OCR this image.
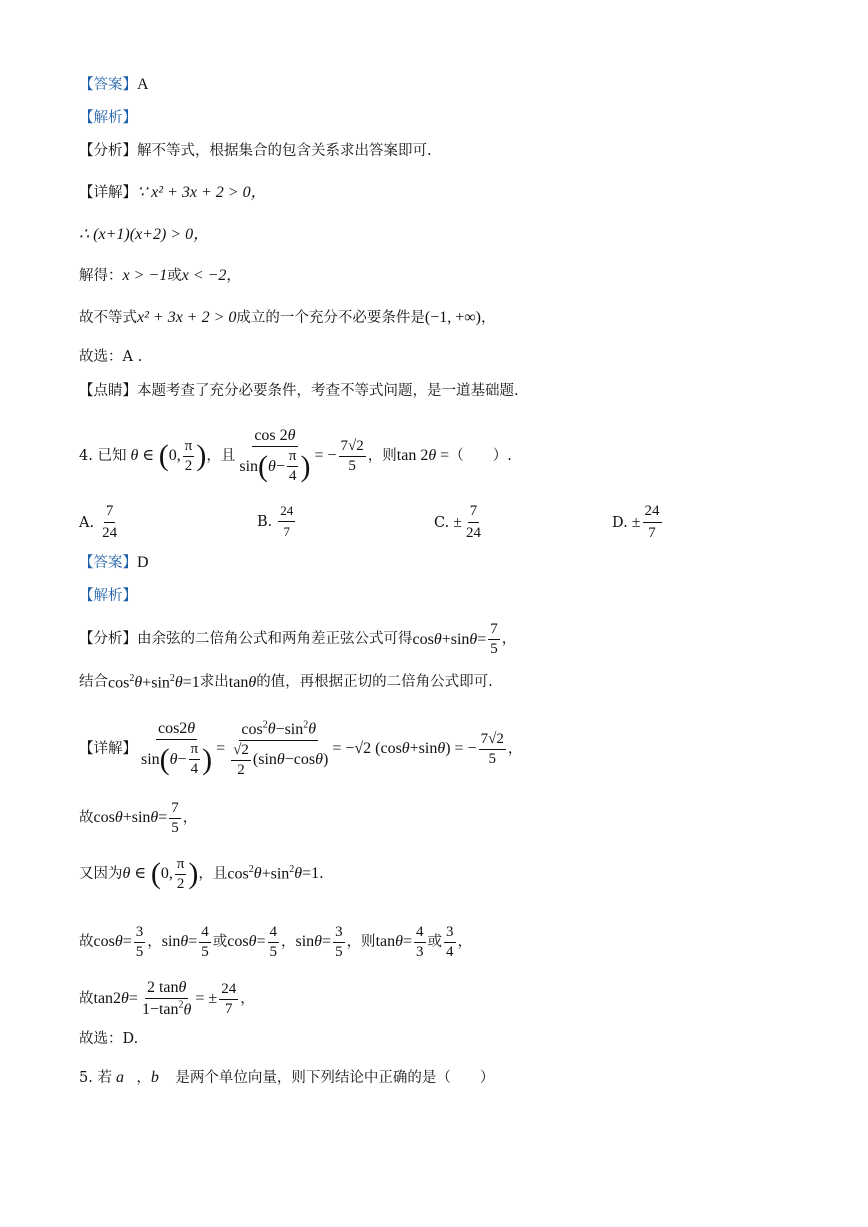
【答案】 A
【解析】
【分析】 解不等式，根据集合的包含关系求出答案即可.
【详解】 ∵ x² + 3x + 2 > 0，
∴ (x+1)(x+2) > 0，
解得： x > −1 或 x < −2 ，
故不等式 x² + 3x + 2 > 0 成立的一个充分不必要条件是 (−1, +∞) ，
故选：A .
【点睛】 本题考查了充分必要条件，考查不等式问题，是一道基础题.
4. 已知 θ ∈
( 0, $\frac{\pi}{2}$ ) ，且 $\frac{\cos 2\theta}{\sin ( \theta - \frac{\pi}{4} )}$ = − $\frac{7√2}{5}$ ，则 tan 2 θ = （　　）.
A. $\frac{7}{24}$	B. $\frac{24}{7}$	C. ± $\frac{7}{24}$	D. ± $\frac{24}{7}$
【答案】 D
【解析】
【分析】 由余弦的二倍角公式和两角差正弦公式可得 cos θ +sin $\theta = \frac{7}{5}$ ，
结合 $\cos^2 \theta +\sin^2$ θ =1 求出 tan θ 的值，再根据正切的二倍角公式即可.
【详解】 $\frac{\cos 2\theta}{\sin ( \theta - \frac{\pi}{4} )} = \frac{\cos^2\theta-\sin^2\theta}{\frac{√2}{2} (\sin \theta -\cos \theta )} = -√2$ (cos θ +sin θ ) = − $\frac{7√2}{5}$ ，
故 cos θ +sin $\theta = \frac{7}{5}$ ，
又因为 θ ∈
( 0, $\frac{\pi}{2}$ ) ，且 $\cos^2 \theta +\sin^2$ θ =1 .
故 $\cos \theta = \frac{3}{5}$ ， $\sin \theta = \frac{4}{5}$ 或 $\cos \theta = \frac{4}{5}$ ， $\sin \theta = \frac{3}{5}$ ，则 $\tan \theta = \frac{4}{3}$ 或 $\frac{3}{4}$ ，
故 tan2 $\theta = \frac{2 \tan\theta}{1-\tan^2\theta}$ = ± $\frac{24}{7}$ ，
故选：D.
5. 若 a⃗ ， b⃗ 是两个单位向量，则下列结论中正确的是（　　）
